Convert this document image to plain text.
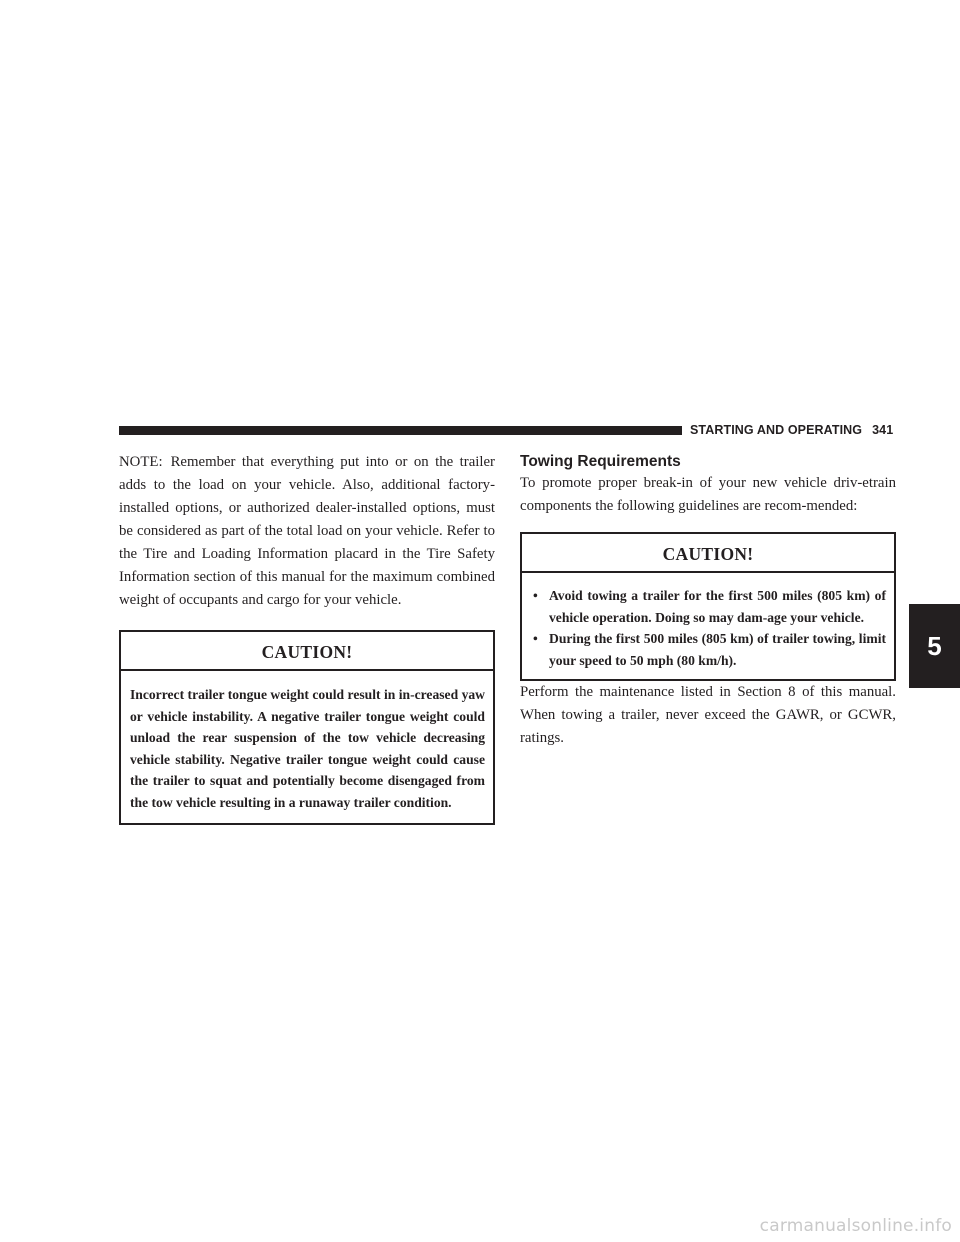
STARTING AND OPERATING 341

NOTE: Remember that everything put into or on the trailer adds to the load on your vehicle. Also, additional factory-installed options, or authorized dealer-installed options, must be considered as part of the total load on your vehicle. Refer to the Tire and Loading Information placard in the Tire Safety Information section of this manual for the maximum combined weight of occupants and cargo for your vehicle.

CAUTION!
Incorrect trailer tongue weight could result in in-creased yaw or vehicle instability. A negative trailer tongue weight could unload the rear suspension of the tow vehicle decreasing vehicle stability. Negative trailer tongue weight could cause the trailer to squat and potentially become disengaged from the tow vehicle resulting in a runaway trailer condition.
Towing Requirements

To promote proper break-in of your new vehicle driv-etrain components the following guidelines are recom-mended:

CAUTION!
• Avoid towing a trailer for the first 500 miles (805 km) of vehicle operation. Doing so may dam-age your vehicle.
• During the first 500 miles (805 km) of trailer towing, limit your speed to 50 mph (80 km/h).

Perform the maintenance listed in Section 8 of this manual. When towing a trailer, never exceed the GAWR, or GCWR, ratings.

5
carmanualsonline.info
